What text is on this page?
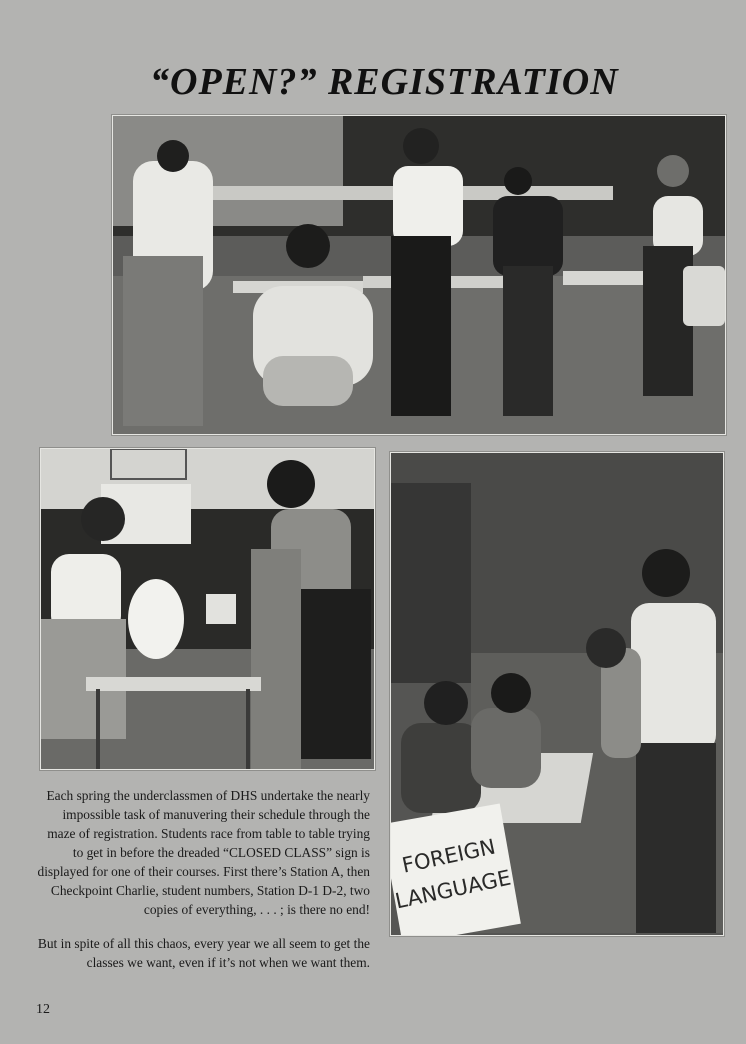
“OPEN?” REGISTRATION
FOREIGN
LANGUAGE

Each spring the underclassmen of DHS undertake the nearly impossible task of manuvering their schedule through the maze of registration. Students race from table to table trying to get in before the dreaded “CLOSED CLASS” sign is displayed for one of their courses. First there’s Station A, then Checkpoint Charlie, student numbers, Station D-1 D-2, two copies of everything, . . . ; is there no end!

But in spite of all this chaos, every year we all seem to get the classes we want, even if it’s not when we want them.

12
